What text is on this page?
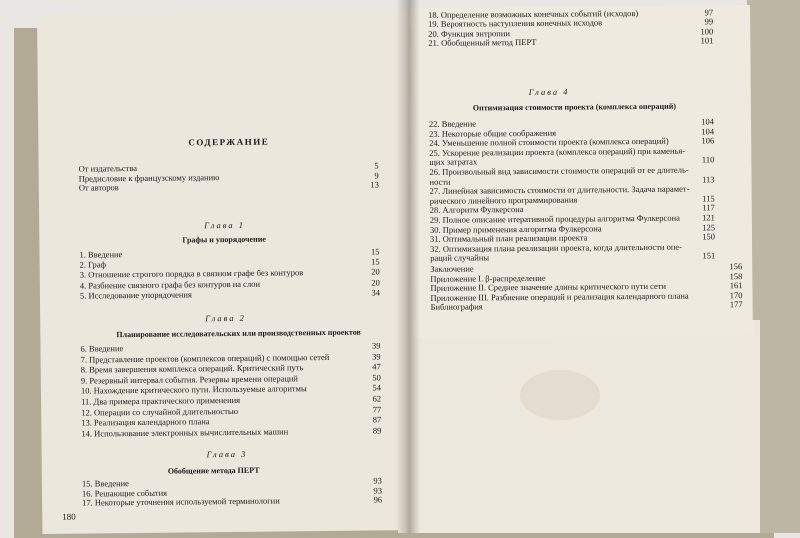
СОДЕРЖАНИЕ
Глава 1
Графы и упорядочение
Глава 2
Планирование исследовательских или производственных проектов
Глава 3
Обобщение метода ПЕРТ
180
От издательства	5
Предисловие к французскому изданию	9
От авторов	13
1. Введение	15
2. Граф	15
3. Отношение строгого порядка в связном графе без контуров	20
4. Разбиение связного графа без контуров на слои	20
5. Исследование упорядочения	34
6. Введение	39
7. Представление проектов (комплексов операций) с помощью сетей	39
8. Время завершения комплекса операций. Критический путь	47
9. Резервный интервал события. Резервы времени операций	50
10. Нахождение критического пути. Используемые алгоритмы	54
11. Два примера практического применения	62
12. Операции со случайной длительностью	77
13. Реализация календарного плана	87
14. Использование электронных вычислительных машин	89
15. Введение	93
16. Решающие события	93
17. Некоторые уточнения используемой терминологии	96
Глава 4
Оптимизация стоимости проекта (комплекса операций)
18. Определение возможных конечных событий (исходов)	97
19. Вероятность наступления конечных исходов	99
20. Функция энтропии	100
21. Обобщенный метод ПЕРТ	101
22. Введение	104
23. Некоторые общие соображения	104
24. Уменьшение полной стоимости проекта (комплекса операций)	106
25. Ускорение реализации проекта (комплекса операций) при каменья-
щих затратах	110
26. Произвольный вид зависимости стоимости операций от ее длитель-
ности	113
27. Линейная зависимость стоимости от длительности. Задача парамет-
рического линейного программирования	115
28. Алгоритм Фулкерсона	117
29. Полное описание итеративной процедуры алгоритма Фулкерсона	121
30. Пример применения алгоритма Фулкерсона	125
31. Оптимальный план реализации проекта	150
32. Оптимизация плана реализации проекта, когда длительности опе-
раций случайны	151
Заключение	156
Приложение I. β-распределение	158
Приложение II. Среднее значение длины критического пути сети	161
Приложение III. Разбиение операций и реализация календарного плана	170
Библиография	177
